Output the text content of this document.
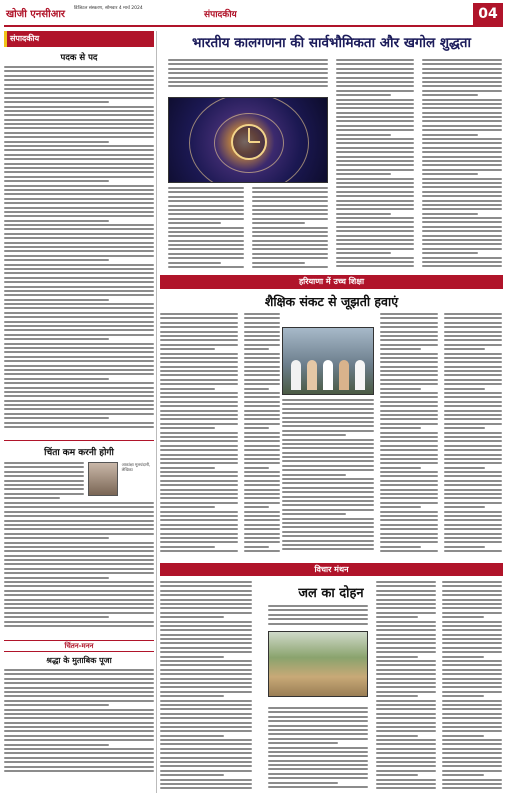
खोजी एनसीआर
डिजिटल संस्करण, सोमवार 4 मार्च 2024
संपादकीय	04
संपादकीय
पदक से पद
चिंता कम करनी होगी
आकांक्षा मूलचंदानी, लेखिका
चिंतन-मनन
श्रद्धा के मुताबिक पूजा
भारतीय कालगणना की सार्वभौमिकता और खगोल शुद्धता
हरियाणा में उच्च शिक्षा
शैक्षिक संकट से जूझती हवाएं
विचार मंथन
जल का दोहन
